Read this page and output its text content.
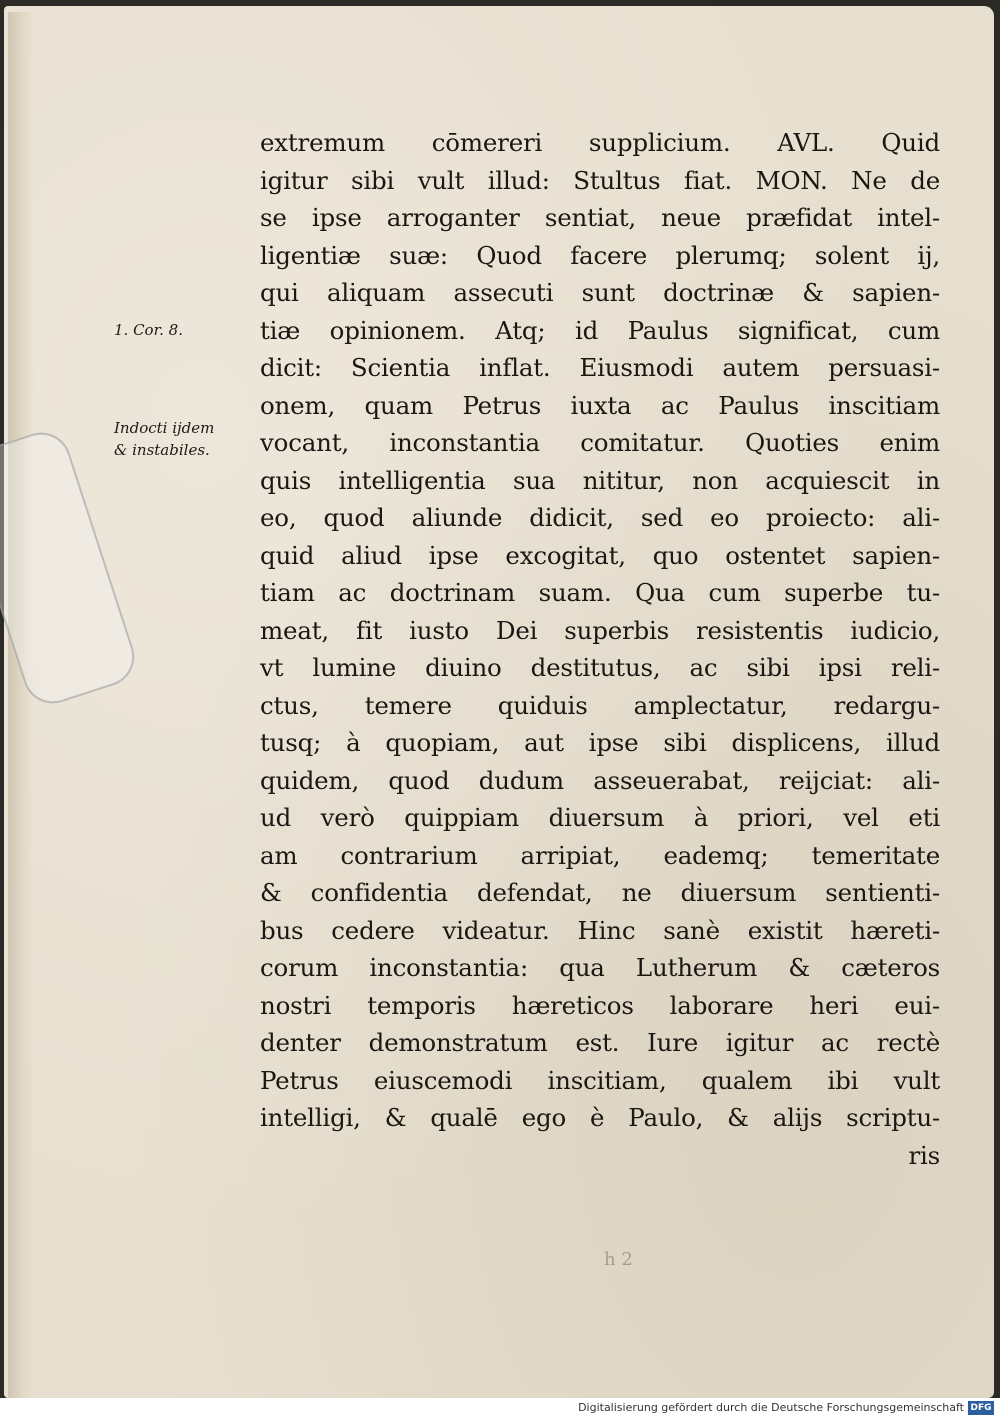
1. Cor. 8.
Indocti ijdem
& instabiles.
extremum cōmereri supplicium. AVL. Quid
igitur sibi vult illud: Stultus fiat. MON. Ne de
se ipse arroganter sentiat, neue præfidat intel-
ligentiæ suæ: Quod facere plerumq; solent ij,
qui aliquam assecuti sunt doctrinæ & sapien-
tiæ opinionem. Atq; id Paulus significat, cum
dicit: Scientia inflat. Eiusmodi autem persuasi-
onem, quam Petrus iuxta ac Paulus inscitiam
vocant, inconstantia comitatur. Quoties enim
quis intelligentia sua nititur, non acquiescit in
eo, quod aliunde didicit, sed eo proiecto: ali-
quid aliud ipse excogitat, quo ostentet sapien-
tiam ac doctrinam suam. Qua cum superbe tu-
meat, fit iusto Dei superbis resistentis iudicio,
vt lumine diuino destitutus, ac sibi ipsi reli-
ctus, temere quiduis amplectatur, redargu-
tusq; à quopiam, aut ipse sibi displicens, illud
quidem, quod dudum asseuerabat, reijciat: ali-
ud verò quippiam diuersum à priori, vel eti
am contrarium arripiat, eademq; temeritate
& confidentia defendat, ne diuersum sentienti-
bus cedere videatur. Hinc sanè existit hæreti-
corum inconstantia: qua Lutherum & cæteros
nostri temporis hæreticos laborare heri eui-
denter demonstratum est. Iure igitur ac rectè
Petrus eiuscemodi inscitiam, qualem ibi vult
intelligi, & qualē ego è Paulo, & alijs scriptu-
ris
h 2
Digitalisierung gefördert durch die Deutsche Forschungsgemeinschaft DFG
